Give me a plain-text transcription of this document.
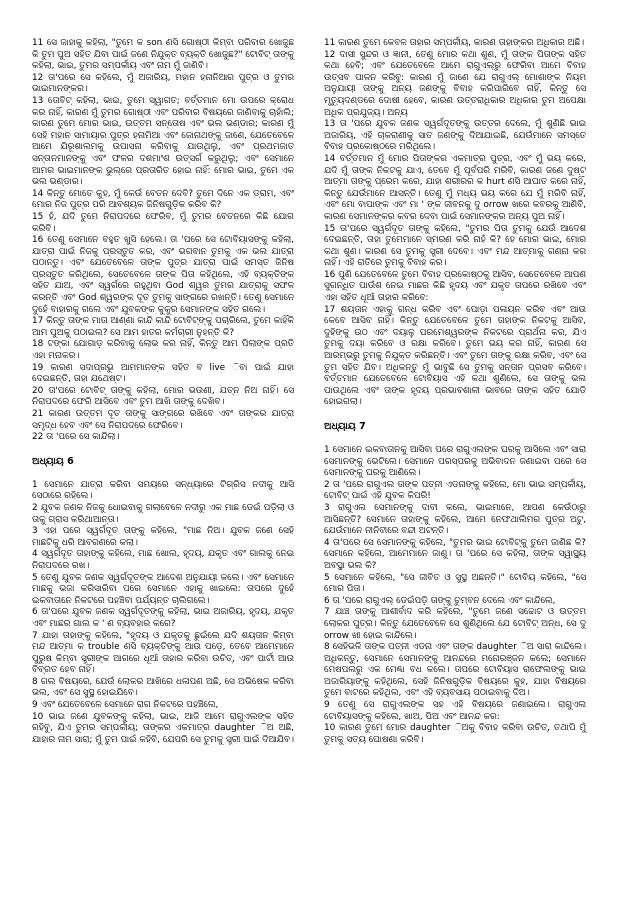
11 ସେ ଜାହାକୁ କହିଲା, "ତୁମେ କ son ଣସି ଗୋଷ୍ଠୀ କିମ୍ବା ପରିବାର ଖୋଜୁଛ କି ତୁମ ପୁଅ ସହିତ ଯିବା ପାଇଁ ଜଣେ ନିଯୁକ୍ତ ବ୍ୟକ୍ତି ଖୋଜୁଛ?" ଟୋବିଟ୍ ତାଙ୍କୁ କହିଲା, ଭାଇ, ତୁମର ସମ୍ପର୍କୀୟ ଏବଂ ନାମ ମୁଁ ଜାଣିବି।

12 ତା'ପରେ ସେ କହିଲେ, ମୁଁ ଅଜାରିୟ, ମହାନ ହନାନିଆର ପୁତ୍ର ଓ ତୁମର ଭାଇମାନଙ୍କର।

13 ତୋବିଟ୍ କହିଲା, ଭାଇ, ତୁମେ ସ୍ୱାଗତ; ବର୍ତ୍ତମାନ ମୋ ଉପରେ କ୍ରୋଧ କର ନାହିଁ, କାରଣ ମୁଁ ତୁମର ଗୋଷ୍ଠୀ ଏବଂ ପରିବାର ବିଷୟରେ ଜାଣିବାକୁ ଚାହାଁଲି; କାରଣ ତୁମେ ମୋର ଭାଇ, ଉତ୍ତମ ସନ୍ତୋଷ ଏବଂ ଭଲ ଭଣ୍ଡାର; କାରଣ ମୁଁ ସେହି ମହାନ ସାମାୟାର ପୁତ୍ର ହନାମିଆ ଏବଂ ଜୋନାଥଙ୍କୁ ଜାଣେ, ଯେତେବେଳେ ଆମେ ଯିରୂଶାଲମକୁ ଉପାସନା କରିବାକୁ ଯାଉଥିଲୁ, ଏବଂ ପ୍ରଥମଜାତ ସନ୍ତାନମାନଙ୍କୁ ଏବଂ ଫଳର ଦଶମାଂଶ ଉତ୍ସର୍ଗ କରୁଥିଲୁ; ଏବଂ ସେମାନେ ଆମର ଭାଇମାନଙ୍କ ଭୁଲ୍‌ରେ ପ୍ରତାରିତ ହୋଇ ନାହିଁ: ମୋର ଭାଇ, ତୁମେ ଏକ ଭଲ ଭଣ୍ଡାର।

14 କିନ୍ତୁ ମୋତେ କୁହ, ମୁଁ କେଉଁ ବେତନ ଦେବି? ତୁମେ ଦିନେ ଏକ ଡ୍ରାମ, ଏବଂ ମୋର ନିଜ ପୁତ୍ର ପରି ଆବଶ୍ୟକ ଜିନିଷଗୁଡ଼ିକ କରିବ କି?

15 ହଁ, ଯଦି ତୁମେ ନିରାପଦରେ ଫେରିବ, ମୁଁ ତୁମର ବେତନରେ କିଛି ଯୋଗ କରିବି।

16 ତେଣୁ ସେମାନେ ବହୁତ ଖୁସି ହେଲେ। ତା 'ପରେ ସେ ଟୋବିୟାସଙ୍କୁ କହିଲା, ଯାତ୍ରା ପାଇଁ ନିଜକୁ ପ୍ରସ୍ତୁତ କର, ଏବଂ ଭଗବାନ ତୁମକୁ ଏକ ଭଲ ଯାତ୍ରା ପଠାନ୍ତୁ। ଏବଂ ଯେତେବେଳେ ତାଙ୍କ ପୁତ୍ର ଯାତ୍ରା ପାଇଁ ସମସ୍ତ ଜିନିଷ ପ୍ରସ୍ତୁତ କରିଥିଲେ, ସେତେବେଳେ ତାଙ୍କ ପିତା କହିଥିଲେ, ଏହି ବ୍ୟକ୍ତିଙ୍କ ସହିତ ଯାଅ, ଏବଂ ସ୍ୱର୍ଗରେ ରହୁଥିବା God ଶ୍ୱର ତୁମର ଯାତ୍ରାକୁ ସଫଳ କରନ୍ତି ଏବଂ God ଶ୍ୱରଙ୍କ ଦୂତ ତୁମକୁ ସାଙ୍ଗରେ ରଖନ୍ତି। ତେଣୁ ସେମାନେ ଦୁହେଁ ବାହାରକୁ ଗଲେ ଏବଂ ଯୁବକଙ୍କ କୁକୁର ସେମାନଙ୍କ ସହିତ ଗଲେ।

17 କିନ୍ତୁ ତାଙ୍କ ମାତା ଆଣ୍ଣା କାନ୍ଦି କାନ୍ଦି ଟୋବିଟ୍‌ଙ୍କୁ ପଚାରିଲେ, ତୁମେ କାହିଁକି ଆମ ପୁଅକୁ ପଠାଇଲ? ସେ ଆମ ହାତର କର୍ମଚାରୀ ନୁହନ୍ତି କି?

18 ଟଙ୍କା ଯୋଗାଡ଼ କରିବାକୁ ଲୋଭ କର ନାହିଁ, କିନ୍ତୁ ଆମ ପିଲାଙ୍କ ପ୍ରତି ଏହା ମନାକର।

19 କାରଣ ସଦାପ୍ରଭୁ ଆମମାନଙ୍କ ସହିତ ବ live ିବା ପାଇଁ ଯାହା ଦେଇଛନ୍ତି, ତାହା ଯଥେଷ୍ଟ।

20 ତା'ପରେ ଟୋବିଟ୍ ତାଙ୍କୁ କହିଲା, ମୋର ଭଉଣୀ, ଯତ୍ନ ନିଅ ନାହିଁ। ସେ ନିରାପଦରେ ଫେରି ଆସିବେ ଏବଂ ତୁମ ଆଖି ତାଙ୍କୁ ଦେଖିବ।

21 କାରଣ ଉତ୍ତମ ଦୂତ ତାଙ୍କୁ ସାଙ୍ଗରେ ରଖିବେ ଏବଂ ତାଙ୍କର ଯାତ୍ରା ସମୃଦ୍ଧ ହେବ ଏବଂ ସେ ନିରାପଦରେ ଫେରିବେ।

22 ତା 'ପରେ ସେ କାନ୍ଦିଲା।

ଅଧ୍ୟାୟ 6

1 ସେମାନେ ଯାତ୍ରା କରିବା ସମୟରେ ସନ୍ଧ୍ୟାରେ ଟିଗ୍ରିସ ନଦୀକୁ ଆସି ସେଠାରେ ରହିଲେ।

2 ଯୁବକ ଜଣକ ନିଜକୁ ଧୋଇବାକୁ ଗଲାବେଳେ ନଦୀରୁ ଏକ ମାଛ ଡେଇଁ ପଡ଼ିଲା ଓ ତାକୁ ଗ୍ରାସ କରିଥାଆନ୍ତା।

3 ଏହା ପରେ ସ୍ୱର୍ଗଦୂତ ତାଙ୍କୁ କହିଲେ, "ମାଛ ନିଅ। ଯୁବକ ଜଣେ ସେହି ମାଛଟିକୁ ଧରି ଆବରଣରେ କଲା।

4 ସ୍ୱର୍ଗଦୂତ ତାହାଙ୍କୁ କହିଲେ, ମାଛ ଖୋଲ, ହୃଦୟ, ଯକୃତ ଏବଂ ଗାଲକୁ ନେଇ ନିରାପଦରେ ରଖ।

5 ତେଣୁ ଯୁବକ ଜଣକ ସ୍ୱର୍ଗଦୂତଙ୍କ ଆଦେଶ ଅନୁଯାୟୀ କଲେ। ଏବଂ ସେମାନେ ମାଛକୁ ଭଜା କରିସାରିବା ପରେ ସେମାନେ ଏହାକୁ ଖାଇଲେ: ତାପରେ ଦୁହେଁ ଇକବାତାନେ ନିକଟରେ ପହଞ୍ଚିବା ପର୍ଯ୍ୟନ୍ତ ଚାଲିଗଲେ।

6 ତା'ପରେ ଯୁବକ ଜଣକ ସ୍ୱର୍ଗଦୂତଙ୍କୁ କହିଲା, ଭାଇ ଅଜାରିୟ, ହୃଦୟ, ଯକୃତ ଏବଂ ମାଛର ଗାଲ କ ' ଣ ବ୍ୟବହାର କରେ?

7 ଯାହା ତାହାଙ୍କୁ କହିଲେ, "ହୃଦୟ ଓ ଯକୃତକୁ ଛୁଇଁଲେ ଯଦି ଶୟତାନ କିମ୍ବା ମନ୍ଦ ଆତ୍ମା କ trouble ଣସି ବ୍ୟକ୍ତିଙ୍କୁ ଆଉ ପଡ଼େ, ତେବେ ଆମେମାନେ ପୁରୁଷ କିମ୍ବା ସ୍ତ୍ରୀଙ୍କ ଆଗରେ ଧୂଆଁ ତାହାର କରିବା ଉଚିତ୍, ଏବଂ ପାର୍ଟୀ ଆଉ ବିବ୍ରତ ହେବ ନାହିଁ।

8 ଗଲ ବିଷୟରେ, ଯେଉଁ ଲୋକର ଆଖିରେ ଧଳାପଣ ଅଛି, ସେ ଅଭିଷେକ କରିବା ଭଲ, ଏବଂ ସେ ସୁସ୍ଥ ହୋଇଯିବେ।

9 ଏବଂ ଯେତେବେଳେ ସେମାନେ ରାଗ ନିକଟରେ ପହଞ୍ଚିଲେ,

10 ଭାଇ ଜଣେ ଯୁବକଙ୍କୁ କହିଲା, ଭାଇ, ଆଜି ଆମେ ରାଗୁଏଲଙ୍କ ସହିତ ରହିବୁ, ଯିଏ ତୁମର ସମ୍ପର୍କୀୟ; ତାଙ୍କର ଏକମାତ୍ର daughter ିଅ ଅଛି, ଯାହାର ନାମ ସାରା; ମୁଁ ତୁମ ପାଇଁ କହିବି, ଯେପରି ସେ ତୁମକୁ ସ୍ତ୍ରୀ ପାଇଁ ଦିଆଯିବ।

11 କାରଣ ତୁମେ କେବଳ ତାହାର ସମ୍ପର୍କୀୟ, କାରଣ ତାହାଙ୍କର ଅଧିକାର ଅଛି।

12 ଦାସୀ ସୁନ୍ଦର ଓ ଜ୍ଞାନୀ, ତେଣୁ ମୋର କଥା ଶୁଣ, ମୁଁ ତାଙ୍କ ପିତାଙ୍କ ସହିତ କଥା ହେବି; ଏବଂ ଯେତେବେଳେ ଆମେ ରାଗୁଏଲ୍‌ରୁ ଫେରିବା ଆମେ ବିବାହ ଉତ୍ସବ ପାଳନ କରିବୁ: କାରଣ ମୁଁ ଜାଣେ ଯେ ରାଗୁଏଲ୍ ମୋଶାଙ୍କ ନିୟମ ଅନୁଯାୟୀ ତାଙ୍କୁ ଅନ୍ୟ ଜଣଙ୍କୁ ବିବାହ କରିପାରିବେ ନାହିଁ, କିନ୍ତୁ ସେ ମୃତ୍ୟୁଦଣ୍ଡରେ ଦୋଷୀ ହେବେ, କାରଣ ଉତ୍ତରାଧିକାର ଅଧିକାର ତୁମ ଅପେକ୍ଷା ଅଧିକ ପ୍ରଯୁଜ୍ୟ। ଅନ୍ୟ

13 ତା 'ପରେ ଯୁବକ ଜଣକ ସ୍ୱର୍ଗଦୂତଙ୍କୁ ଉତ୍ତର ଦେଲେ, ମୁଁ ଶୁଣିଛି ଭାଇ ଅଜାରିୟ, ଏହି ଚାକରାଣୀକୁ ସାତ ଜଣଙ୍କୁ ଦିଆଯାଇଛି, ଯେଉଁମାନେ ସମସ୍ତେ ବିବାହ ପ୍ରକୋଷ୍ଠରେ ମରିଥିଲେ।

14 ବର୍ତ୍ତମାନ ମୁଁ ମୋର ପିତାଙ୍କର ଏକମାତ୍ର ପୁତ୍ର, ଏବଂ ମୁଁ ଭୟ କରେ, ଯଦି ମୁଁ ତାଙ୍କ ନିକଟକୁ ଯାଏ, ତେବେ ମୁଁ ପୂର୍ବପରି ମରିବି, କାରଣ ଜଣେ ଦୁଷ୍ଟ ଆତ୍ମା ତାଙ୍କୁ ପ୍ରେମ କରେ, ଯାହା ଶରୀରର କ hurt ଣସି ଆଘାତ କରେ ନାହିଁ, କିନ୍ତୁ ଯେଉଁମାନେ ଆସନ୍ତି। ତେଣୁ ମୁଁ ମଧ୍ୟ ଭୟ କରେ ଯେ ମୁଁ ମରିବି ନାହିଁ, ଏବଂ ମୋ ବାପାଙ୍କ ଏବଂ ମା ' ଙ୍କ ଜୀବନକୁ ଦୁ orrow ଖରେ କବରକୁ ଆଣିବି, କାରଣ ସେମାନଙ୍କର କବର ଦେବା ପାଇଁ ସେମାନଙ୍କର ଅନ୍ୟ ପୁଅ ନାହିଁ।

15 ତା'ପରେ ସ୍ୱର୍ଗଦୂତ ତାଙ୍କୁ କହିଲେ, "ତୁମର ପିତା ତୁମକୁ ଯେଉଁ ଆଦେଶ ଦେଇଛନ୍ତି, ତାହା ତୁମେମାନେ ସ୍ମରଣ କରି ନାହଁ କି? ହେ ମୋର ଭାଇ, ମୋର କଥା ଶୁଣ। କାରଣ ସେ ତୁମକୁ ସ୍ତ୍ରୀ ଦେବେ। ଏବଂ ମନ୍ଦ ଆତ୍ମାକୁ ଗଣନା କର ନାହିଁ। ଏହି ରାତିରେ ତୁମକୁ ବିବାହ କର।

16 ପୁଣି ଯେତେବେଳେ ତୁମେ ବିବାହ ପ୍ରକୋଷ୍ଠକୁ ଆସିବ, ସେତେବେଳେ ଆପଣ ସୁଗନ୍ଧିତ ପାଉଁଶ ନେଇ ମାଛର କିଛି ହୃଦୟ ଏବଂ ଯକୃତ ତାପରେ ରଖିବେ ଏବଂ ଏହା ସହିତ ଧୂଆଁ ତାହାର କରିବେ:

17 ଶୟତାନ ଏହାକୁ ଗନ୍ଧ କରିବ ଏବଂ ପୋଡ଼ା ପଳାୟନ କରିବ ଏବଂ ଆଉ କେବେ ଆସିବ ନାହିଁ। କିନ୍ତୁ ଯେତେବେଳେ ତୁମେ ତାହାଙ୍କ ନିକଟକୁ ଆସିବ, ଦୁହିଙ୍କୁ ଉଠ ଏବଂ ଦୟାଳୁ ପରମେଶ୍ୱରଙ୍କ ନିକଟରେ ପ୍ରାର୍ଥନା କର, ଯିଏ ତୁମକୁ ଦୟା କରିବେ ଓ ରକ୍ଷା କରିବେ। ତୁମେ ଭୟ କର ନାହିଁ, କାରଣ ସେ ଆରମ୍ଭରୁ ତୁମକୁ ନିଯୁକ୍ତ କରିଛନ୍ତି। ଏବଂ ତୁମେ ତାଙ୍କୁ ରକ୍ଷା କରିବ, ଏବଂ ସେ ତୁମ ସହିତ ଯିବ। ଅଧିକନ୍ତୁ ମୁଁ ଭାବୁଛି ସେ ତୁମକୁ ସନ୍ତାନ ପ୍ରସବ କରିବେ। ବର୍ତ୍ତମାନ ଯେତେବେଳେ ଟୋବିୟାସ ଏହି କଥା ଶୁଣିଲେ, ସେ ତାଙ୍କୁ ଭଲ ପାଉଥିଲେ ଏବଂ ତାଙ୍କ ହୃଦୟ ପ୍ରଭାବଶାଳୀ ଭାବରେ ତାଙ୍କ ସହିତ ଯୋଡି ହୋଇଗଲା।

ଅଧ୍ୟାୟ 7

1 ସେମାନେ ଇକବାତାନକୁ ଆସିବା ପରେ ରାଗୁଏଲଙ୍କ ଘରକୁ ଆସିଲେ ଏବଂ ସାରା ସେମାନଙ୍କୁ ଭେଟିଲେ। ସେମାନେ ପରସ୍ପରକୁ ଅଭିବାଦନ ଜଣାଇବା ପରେ ସେ ସେମାନଙ୍କୁ ଘରକୁ ଆଣିଲେ।

2 ତା 'ପରେ ରାଗୁଏଲ ତାଙ୍କ ପତ୍ନୀ ଏଡନାଙ୍କୁ କହିଲେ, ମୋ ଭାଇ ସମ୍ପର୍କୀୟ, ଟୋବିଟ୍ ପାଇଁ ଏହି ଯୁବକ କିପରି!

3 ରାଗୁଏଲ ସେମାନଙ୍କୁ ଦାବୀ କଲେ, ଭାଇମାନେ, ଆପଣ କେଉଁଠାରୁ ଆସିଛନ୍ତି? ସେମାନେ ତାହାଙ୍କୁ କହିଲେ, ଆମେ ନେଫଥାଲିମର ପୁତ୍ର ଅଟୁ, ଯେଉଁମାନେ ନୀନିବୀରେ ବନ୍ଦୀ ଅଟନ୍ତି।

4 ତା'ପରେ ସେ ସେମାନଙ୍କୁ କହିଲେ, "ତୁମର ଭାଇ ଟୋବିଟ୍‌କୁ ତୁମେ ଜାଣିଛ କି? ସେମାନେ କହିଲେ, ଆମେମାନେ ଜାଣୁ। ତା 'ପରେ ସେ କହିଲା, ତାଙ୍କ ସ୍ୱାସ୍ଥ୍ୟ ଅବସ୍ଥା ଭଲ କି?

5 ସେମାନେ କହିଲେ, "ସେ ଜୀବିତ ଓ ସୁସ୍ଥ ଅଛନ୍ତି।" ଟୋବିୟ କହିଲେ, "ସେ ମୋର ପିତା।

6 ତା 'ପରେ ରାଗୁଏଲ୍ ଡେଇଁପଡ଼ି ତାଙ୍କୁ ଚୁମ୍ବନ ଦେଲେ ଏବଂ କାନ୍ଦିଲେ,

7 ଯାଞ୍ଚ ତାଙ୍କୁ ଆଶୀର୍ବାଦ କରି କହିଲେ, "ତୁମେ ଜଣେ ସଚ୍ଚୋଟ ଓ ଉତ୍ତମ ଲୋକର ପୁତ୍ର। କିନ୍ତୁ ଯେତେବେଳେ ସେ ଶୁଣିଥିଲେ ଯେ ଟୋବିଟ୍ ଅନ୍ଧ, ସେ ଦୁ orrow ଖୀ ହୋଇ କାନ୍ଦିଲେ।

8 ସେହିଭଳି ତାଙ୍କ ପତ୍ନୀ ଏଡନା ଏବଂ ତାଙ୍କ daughter ିଅ ସାରା କାନ୍ଦିଲେ। ଅଧିକନ୍ତୁ, ସେମାନେ ସେମାନଙ୍କୁ ଆନନ୍ଦରେ ମନୋରଞ୍ଜନ କଲେ; ସେମାନେ ମେଷପଲରୁ ଏକ ମେଣ୍ଢା ବଧ କଲେ। ତାପରେ ଟୋବିୟାସ ରାଫେଲଙ୍କୁ ଭାଇ ଅଜାରିୟାଙ୍କୁ କହିଥିଲେ, ସେହି ଜିନିଷଗୁଡ଼ିକ ବିଷୟରେ କୁହ, ଯାହା ବିଷୟରେ ତୁମେ ବାଟରେ କହିଥିଲ, ଏବଂ ଏହି ବ୍ୟବସାୟ ପଠାଇବାକୁ ଦିଅ।

9 ତେଣୁ ସେ ରାଗୁଏଲଙ୍କ ସହ ଏହି ବିଷୟରେ ଜଣାଇଲେ। ରାଗୁଏଲ ଟୋବିୟାସଙ୍କୁ କହିଲେ, ଖାଅ, ପିଅ ଏବଂ ଆନନ୍ଦ କର:

10 କାରଣ ତୁମେ ମୋର daughter ିଅକୁ ବିବାହ କରିବା ଉଚିତ୍, ତଥାପି ମୁଁ ତୁମକୁ ସତ୍ୟ ଘୋଷଣା କରିବି।
